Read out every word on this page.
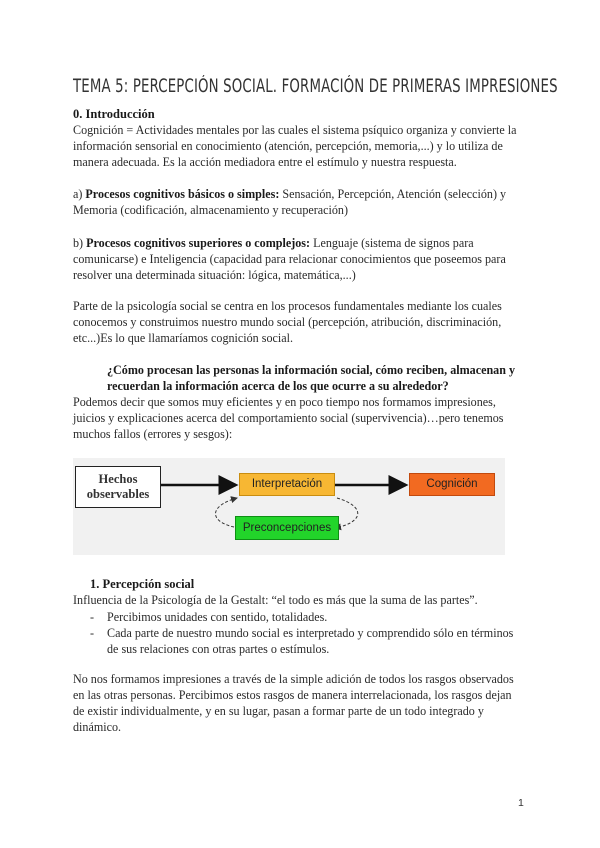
TEMA 5: PERCEPCIÓN SOCIAL. FORMACIÓN DE PRIMERAS IMPRESIONES
0. Introducción
Cognición = Actividades mentales por las cuales el sistema psíquico organiza y convierte la información sensorial en conocimiento (atención, percepción, memoria,...) y lo utiliza de manera adecuada. Es la acción mediadora entre el estímulo y nuestra respuesta.
a) Procesos cognitivos básicos o simples: Sensación, Percepción, Atención (selección) y Memoria (codificación, almacenamiento y recuperación)
b) Procesos cognitivos superiores o complejos: Lenguaje (sistema de signos para comunicarse) e Inteligencia (capacidad para relacionar conocimientos que poseemos para resolver una determinada situación: lógica, matemática,...)
Parte de la psicología social se centra en los procesos fundamentales mediante los cuales conocemos y construimos nuestro mundo social (percepción, atribución, discriminación, etc...)Es lo que llamaríamos cognición social.
¿Cómo procesan las personas la información social, cómo reciben, almacenan y recuerdan la información acerca de los que ocurre a su alrededor?
Podemos decir que somos muy eficientes y en poco tiempo nos formamos impresiones, juicios y explicaciones acerca del comportamiento social (supervivencia)…pero tenemos muchos fallos (errores y sesgos):
Hechos observables
Interpretación	Cognición
Preconcepciones
1. Percepción social
Influencia de la Psicología de la Gestalt: “el todo es más que la suma de las partes”.
- Percibimos unidades con sentido, totalidades.
- Cada parte de nuestro mundo social es interpretado y comprendido sólo en términos de sus relaciones con otras partes o estímulos.
No nos formamos impresiones a través de la simple adición de todos los rasgos observados en las otras personas. Percibimos estos rasgos de manera interrelacionada, los rasgos dejan de existir individualmente, y en su lugar, pasan a formar parte de un todo integrado y dinámico.
1
